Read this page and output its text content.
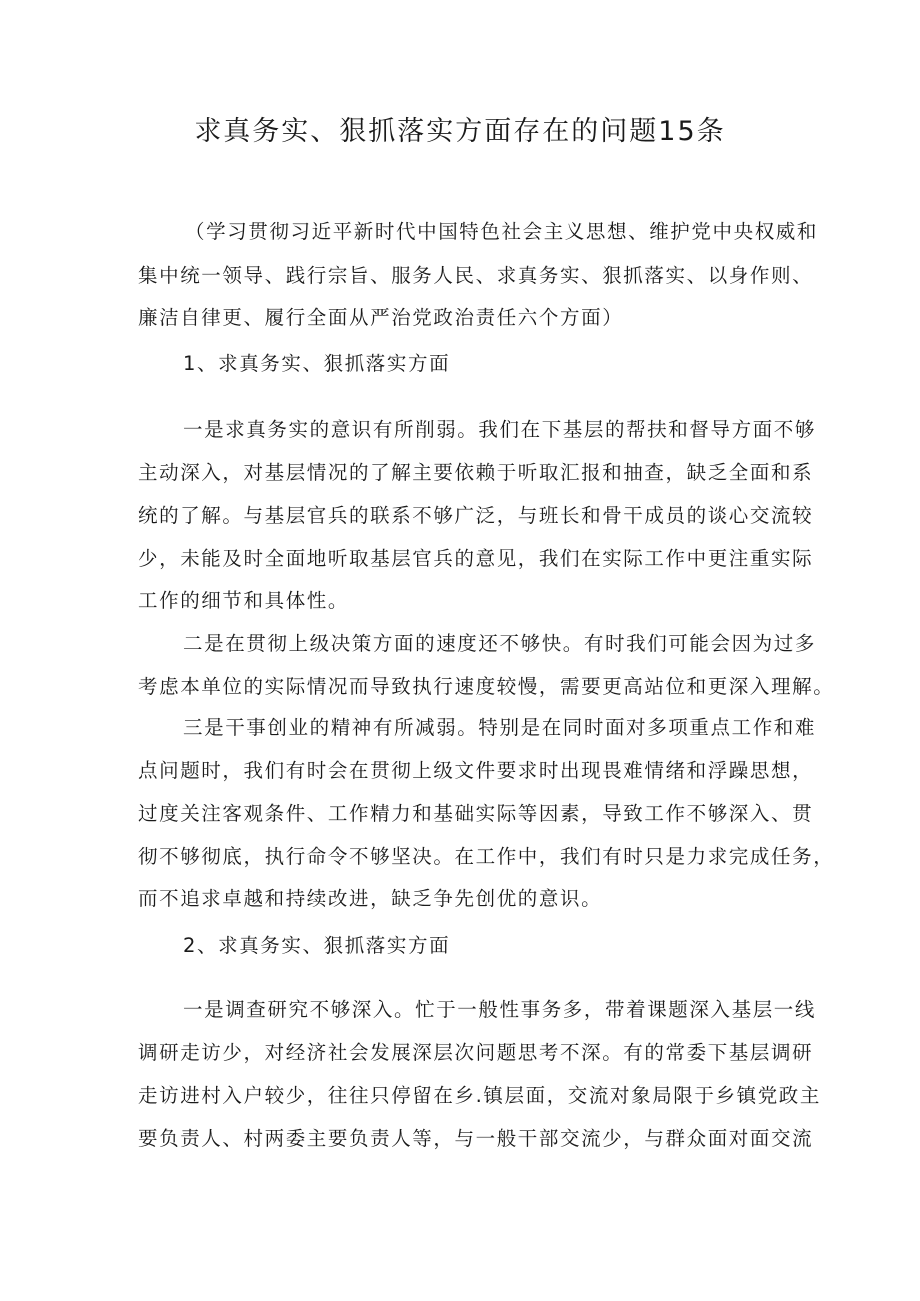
求真务实、狠抓落实方面存在的问题15条
（学习贯彻习近平新时代中国特色社会主义思想、维护党中央权威和
集中统一领导、践行宗旨、服务人民、求真务实、狠抓落实、以身作则、
廉洁自律更、履行全面从严治党政治责任六个方面）
1、求真务实、狠抓落实方面
一是求真务实的意识有所削弱。我们在下基层的帮扶和督导方面不够
主动深入，对基层情况的了解主要依赖于听取汇报和抽查，缺乏全面和系
统的了解。与基层官兵的联系不够广泛，与班长和骨干成员的谈心交流较
少，未能及时全面地听取基层官兵的意见，我们在实际工作中更注重实际
工作的细节和具体性。
二是在贯彻上级决策方面的速度还不够快。有时我们可能会因为过多
考虑本单位的实际情况而导致执行速度较慢，需要更高站位和更深入理解。
三是干事创业的精神有所减弱。特别是在同时面对多项重点工作和难
点问题时，我们有时会在贯彻上级文件要求时出现畏难情绪和浮躁思想，
过度关注客观条件、工作精力和基础实际等因素，导致工作不够深入、贯
彻不够彻底，执行命令不够坚决。在工作中，我们有时只是力求完成任务，
而不追求卓越和持续改进，缺乏争先创优的意识。
2、求真务实、狠抓落实方面
一是调查研究不够深入。忙于一般性事务多，带着课题深入基层一线
调研走访少，对经济社会发展深层次问题思考不深。有的常委下基层调研
走访进村入户较少，往往只停留在乡.镇层面，交流对象局限于乡镇党政主
要负责人、村两委主要负责人等，与一般干部交流少，与群众面对面交流
